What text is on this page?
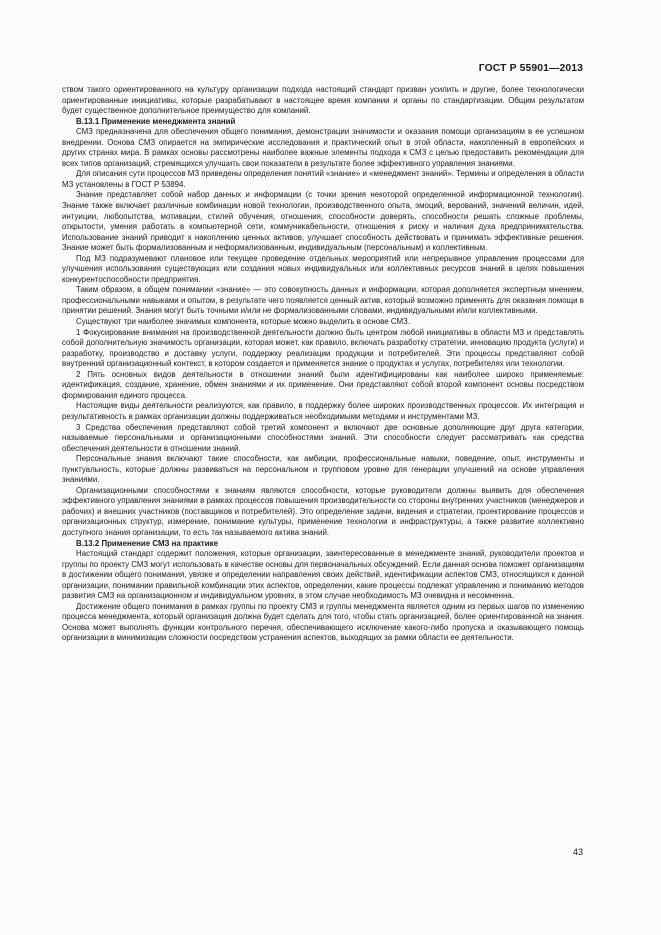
ГОСТ Р 55901—2013

ством такого ориентированного на культуру организации подхода настоящий стандарт призван усилить и другие, более технологически ориентированные инициативы, которые разрабатывают в настоящее время компании и органы по стандартизации. Общим результатом будет существенное дополнительное преимущество для компаний.

В.13.1 Применение менеджмента знаний

СМЗ предназначена для обеспечения общего понимания, демонстрации значимости и оказания помощи организациям в ее успешном внедрении. Основа СМЗ опирается на эмпирические исследования и практический опыт в этой области, накопленный в европейских и других странах мира. В рамках основы рассмотрены наиболее важные элементы подхода к СМЗ с целью предоставить рекомендации для всех типов организаций, стремящихся улучшить свои показатели в результате более эффективного управления знаниями.

Для описания сути процессов МЗ приведены определения понятий «знание» и «менеджмент знаний». Термины и определения в области МЗ установлены в ГОСТ Р 53894.

Знание представляет собой набор данных и информации (с точки зрения некоторой определенной информационной технологии). Знание также включает различные комбинации новой технологии, производственного опыта, эмоций, верований, значений величин, идей, интуиции, любопытства, мотивации, стилей обучения, отношения, способности доверять, способности решать сложные проблемы, открытости, умения работать в компьютерной сети, коммуникабельности, отношения к риску и наличия духа предпринимательства. Использование знаний приводит к накоплению ценных активов, улучшает способность действовать и принимать эффективные решения. Знание может быть формализованным и неформализованным, индивидуальным (персональным) и коллективным.

Под МЗ подразумевают плановое или текущее проведение отдельных мероприятий или непрерывное управление процессами для улучшения использования существующих или создания новых индивидуальных или коллективных ресурсов знаний в целях повышения конкурентоспособности предприятия.

Таким образом, в общем понимании «знание» — это совокупность данных и информации, которая дополняется экспертным мнением, профессиональными навыками и опытом, в результате чего появляется ценный актив, который возможно применять для оказания помощи в принятии решений. Знания могут быть точными и/или не формализованными словами, индивидуальными и/или коллективными.

Существуют три наиболее значимых компонента, которые можно выделить в основе СМЗ.

1 Фокусирование внимания на производственной деятельности должно быть центром любой инициативы в области МЗ и представлять собой дополнительную значимость организации, которая может, как правило, включать разработку стратегии, инновацию продукта (услуги) и разработку, производство и доставку услуги, поддержку реализации продукции и потребителей. Эти процессы представляют собой внутренний организационный контекст, в котором создается и применяется знание о продуктах и услугах, потребителях или технологии.

2 Пять основных видов деятельности в отношении знаний были идентифицированы как наиболее широко применяемые: идентификация, создание, хранение, обмен знаниями и их применение. Они представляют собой второй компонент основы посредством формирования единого процесса.

Настоящие виды деятельности реализуются, как правило, в поддержку более широких производственных процессов. Их интеграция и результативность в рамках организации должны поддерживаться необходимыми методами и инструментами МЗ.

3 Средства обеспечения представляют собой третий компонент и включают две основные дополняющие друг друга категории, называемые персональными и организационными способностями знаний. Эти способности следует рассматривать как средства обеспечения деятельности в отношении знаний.

Персональные знания включают такие способности, как амбиции, профессиональные навыки, поведение, опыт, инструменты и пунктуальность, которые должны развиваться на персональном и групповом уровне для генерации улучшений на основе управления знаниями.

Организационными способностями к знаниям являются способности, которые руководители должны выявить для обеспечения эффективного управления знаниями в рамках процессов повышения производительности со стороны внутренних участников (менеджеров и рабочих) и внешних участников (поставщиков и потребителей). Это определение задачи, видения и стратегии, проектирование процессов и организационных структур, измерение, понимание культуры, применение технологии и инфраструктуры, а также развитие коллективно доступного знания организации, то есть так называемого актива знаний.

В.13.2 Применение СМЗ на практике

Настоящий стандарт содержит положения, которые организации, заинтересованные в менеджменте знаний, руководители проектов и группы по проекту СМЗ могут использовать в качестве основы для первоначальных обсуждений. Если данная основа поможет организациям в достижении общего понимания, увязке и определении направления своих действий, идентификации аспектов СМЗ, относящихся к данной организации, понимании правильной комбинации этих аспектов, определении, какие процессы подлежат управлению и пониманию методов развития СМЗ на организационном и индивидуальном уровнях, в этом случае необходимость МЗ очевидна и несомненна.

Достижение общего понимания в рамках группы по проекту СМЗ и группы менеджмента является одним из первых шагов по изменению процесса менеджмента, который организация должна будет сделать для того, чтобы стать организацией, более ориентированной на знания. Основа может выполнять функции контрольного перечня, обеспечивающего исключение какого-либо пропуска и оказывающего помощь организации в минимизации сложности посредством устранения аспектов, выходящих за рамки области ее деятельности.

43
